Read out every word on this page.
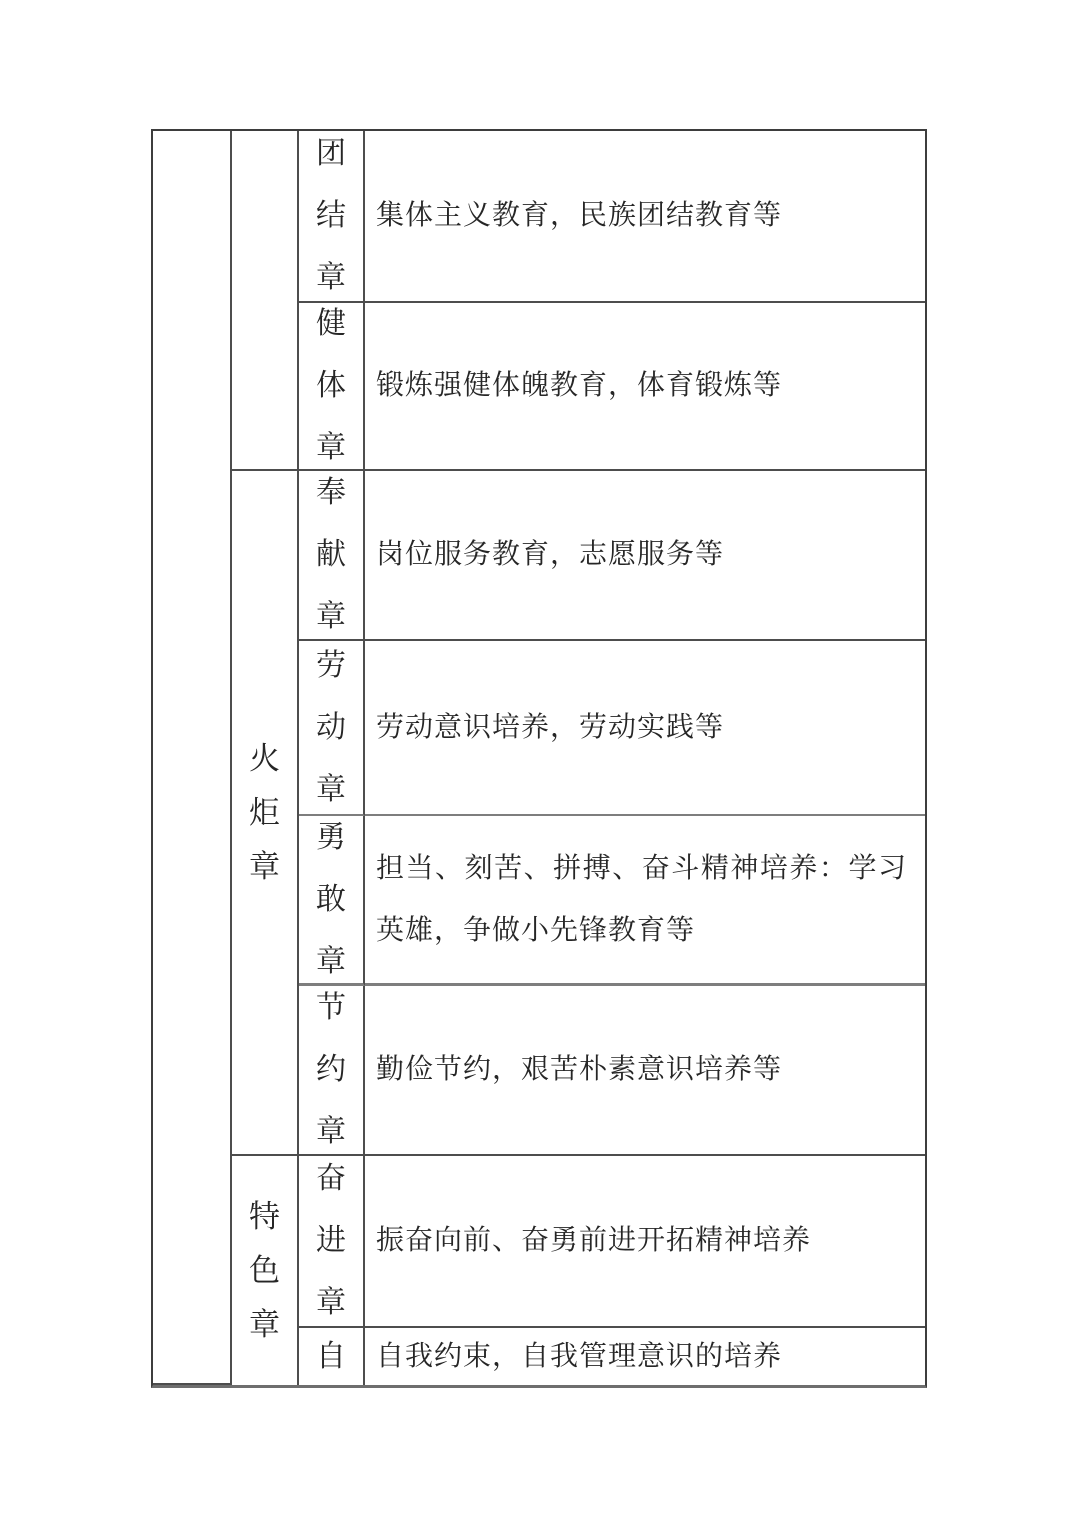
火炬章
特色章
团结章
健体章
奉献章
劳动章
勇敢章
节约章
奋进章
自
集体主义教育，民族团结教育等
锻炼强健体魄教育，体育锻炼等
岗位服务教育，志愿服务等
劳动意识培养，劳动实践等
担当、刻苦、拼搏、奋斗精神培养：学习英雄，争做小先锋教育等
勤俭节约，艰苦朴素意识培养等
振奋向前、奋勇前进开拓精神培养
自我约束，自我管理意识的培养
